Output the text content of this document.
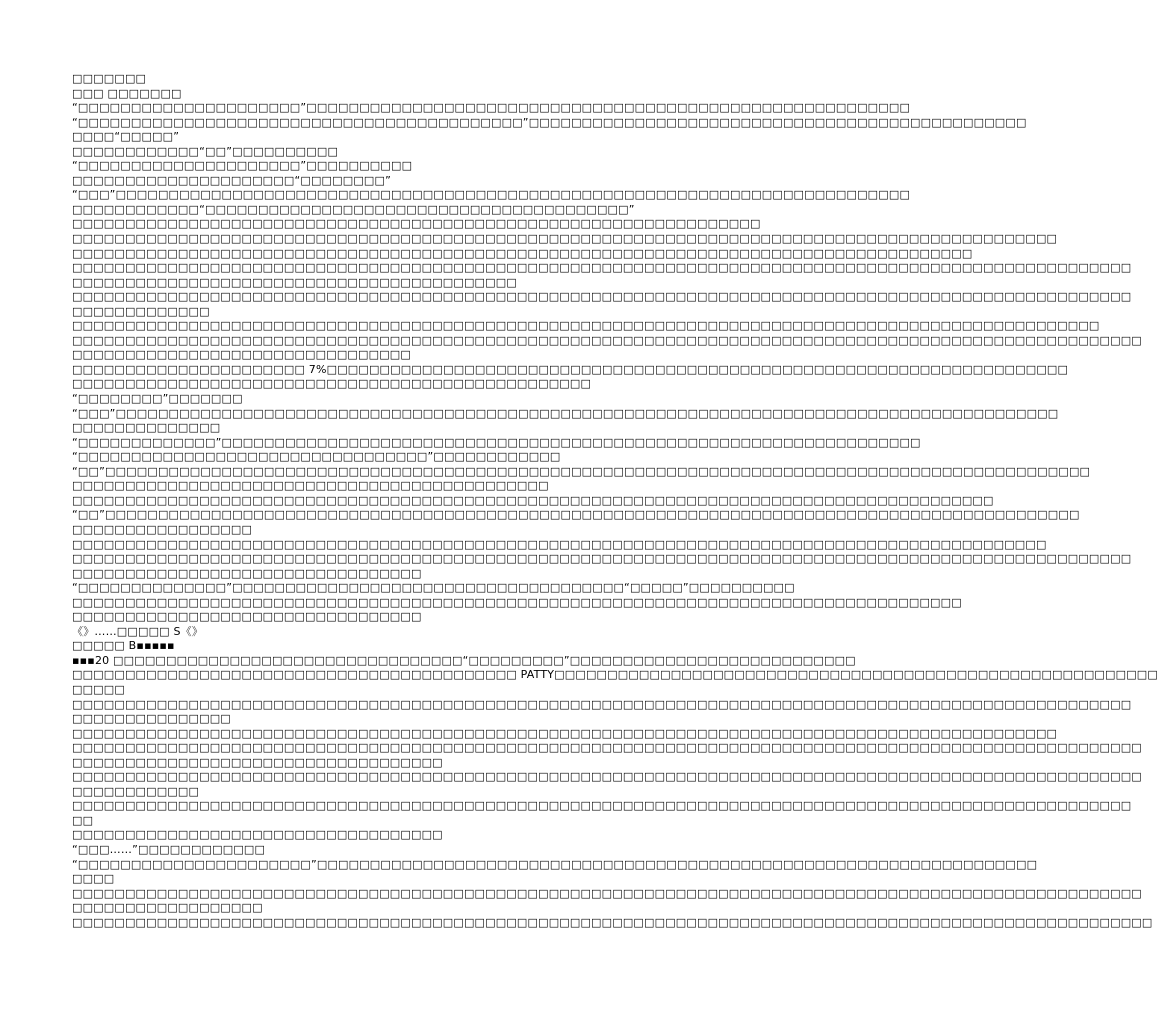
□□□□□□□
□□□ □□□□□□□
“□□□□□□□□□□□□□□□□□□□□□”□□□□□□□□□□□□□□□□□□□□□□□□□□□□□□□□□□□□□□□□□□□□□□□□□□□□□□□□□
“□□□□□□□□□□□□□□□□□□□□□□□□□□□□□□□□□□□□□□□□□□”□□□□□□□□□□□□□□□□□□□□□□□□□□□□□□□□□□□□□□□□□□□□□□□
□□□□“□□□□□”
□□□□□□□□□□□□“□□”□□□□□□□□□□
“□□□□□□□□□□□□□□□□□□□□□”□□□□□□□□□□
□□□□□□□□□□□□□□□□□□□□□“□□□□□□□□”
“□□□”□□□□□□□□□□□□□□□□□□□□□□□□□□□□□□□□□□□□□□□□□□□□□□□□□□□□□□□□□□□□□□□□□□□□□□□□□□□
□□□□□□□□□□□□“□□□□□□□□□□□□□□□□□□□□□□□□□□□□□□□□□□□□□□□□”
□□□□□□□□□□□□□□□□□□□□□□□□□□□□□□□□□□□□□□□□□□□□□□□□□□□□□□□□□□□□□□□□□
□□□□□□□□□□□□□□□□□□□□□□□□□□□□□□□□□□□□□□□□□□□□□□□□□□□□□□□□□□□□□□□□□□□□□□□□□□□□□□□□□□□□□□□□□□□□□
□□□□□□□□□□□□□□□□□□□□□□□□□□□□□□□□□□□□□□□□□□□□□□□□□□□□□□□□□□□□□□□□□□□□□□□□□□□□□□□□□□□□□
□□□□□□□□□□□□□□□□□□□□□□□□□□□□□□□□□□□□□□□□□□□□□□□□□□□□□□□□□□□□□□□□□□□□□□□□□□□□□□□□□□□□□□□□□□□□□□□□□□□□
□□□□□□□□□□□□□□□□□□□□□□□□□□□□□□□□□□□□□□□□□□
□□□□□□□□□□□□□□□□□□□□□□□□□□□□□□□□□□□□□□□□□□□□□□□□□□□□□□□□□□□□□□□□□□□□□□□□□□□□□□□□□□□□□□□□□□□□□□□□□□□□
□□□□□□□□□□□□□
□□□□□□□□□□□□□□□□□□□□□□□□□□□□□□□□□□□□□□□□□□□□□□□□□□□□□□□□□□□□□□□□□□□□□□□□□□□□□□□□□□□□□□□□□□□□□□□□□
□□□□□□□□□□□□□□□□□□□□□□□□□□□□□□□□□□□□□□□□□□□□□□□□□□□□□□□□□□□□□□□□□□□□□□□□□□□□□□□□□□□□□□□□□□□□□□□□□□□□□
□□□□□□□□□□□□□□□□□□□□□□□□□□□□□□□□
□□□□□□□□□□□□□□□□□□□□□□ 7%□□□□□□□□□□□□□□□□□□□□□□□□□□□□□□□□□□□□□□□□□□□□□□□□□□□□□□□□□□□□□□□□□□□□□□
□□□□□□□□□□□□□□□□□□□□□□□□□□□□□□□□□□□□□□□□□□□□□□□□□
“□□□□□□□□”□□□□□□□
“□□□”□□□□□□□□□□□□□□□□□□□□□□□□□□□□□□□□□□□□□□□□□□□□□□□□□□□□□□□□□□□□□□□□□□□□□□□□□□□□□□□□□□□□□□□□□
□□□□□□□□□□□□□□
“□□□□□□□□□□□□□”□□□□□□□□□□□□□□□□□□□□□□□□□□□□□□□□□□□□□□□□□□□□□□□□□□□□□□□□□□□□□□□□□□
“□□□□□□□□□□□□□□□□□□□□□□□□□□□□□□□□□”□□□□□□□□□□□□
“□□”□□□□□□□□□□□□□□□□□□□□□□□□□□□□□□□□□□□□□□□□□□□□□□□□□□□□□□□□□□□□□□□□□□□□□□□□□□□□□□□□□□□□□□□□□□□□□
□□□□□□□□□□□□□□□□□□□□□□□□□□□□□□□□□□□□□□□□□□□□□
□□□□□□□□□□□□□□□□□□□□□□□□□□□□□□□□□□□□□□□□□□□□□□□□□□□□□□□□□□□□□□□□□□□□□□□□□□□□□□□□□□□□□□□
“□□”□□□□□□□□□□□□□□□□□□□□□□□□□□□□□□□□□□□□□□□□□□□□□□□□□□□□□□□□□□□□□□□□□□□□□□□□□□□□□□□□□□□□□□□□□□□□
□□□□□□□□□□□□□□□□□
□□□□□□□□□□□□□□□□□□□□□□□□□□□□□□□□□□□□□□□□□□□□□□□□□□□□□□□□□□□□□□□□□□□□□□□□□□□□□□□□□□□□□□□□□□□□
□□□□□□□□□□□□□□□□□□□□□□□□□□□□□□□□□□□□□□□□□□□□□□□□□□□□□□□□□□□□□□□□□□□□□□□□□□□□□□□□□□□□□□□□□□□□□□□□□□□□
□□□□□□□□□□□□□□□□□□□□□□□□□□□□□□□□□
“□□□□□□□□□□□□□□”□□□□□□□□□□□□□□□□□□□□□□□□□□□□□□□□□□□□□“□□□□□”□□□□□□□□□□
□□□□□□□□□□□□□□□□□□□□□□□□□□□□□□□□□□□□□□□□□□□□□□□□□□□□□□□□□□□□□□□□□□□□□□□□□□□□□□□□□□□□
□□□□□□□□□□□□□□□□□□□□□□□□□□□□□□□□□
《》……□□□□□ S《》
□□□□□ B▪▪▪▪▪
▪▪▪20 □□□□□□□□□□□□□□□□□□□□□□□□□□□□□□□□□“□□□□□□□□□”□□□□□□□□□□□□□□□□□□□□□□□□□□□
□□□□□□□□□□□□□□□□□□□□□□□□□□□□□□□□□□□□□□□□□□ PATTY□□□□□□□□□□□□□□□□□□□□□□□□□□□□□□□□□□□□□□□□□□□□□□□□□□□□□□□□□
□□□□□
□□□□□□□□□□□□□□□□□□□□□□□□□□□□□□□□□□□□□□□□□□□□□□□□□□□□□□□□□□□□□□□□□□□□□□□□□□□□□□□□□□□□□□□□□□□□□□□□□□□□
□□□□□□□□□□□□□□□
□□□□□□□□□□□□□□□□□□□□□□□□□□□□□□□□□□□□□□□□□□□□□□□□□□□□□□□□□□□□□□□□□□□□□□□□□□□□□□□□□□□□□□□□□□□□□
□□□□□□□□□□□□□□□□□□□□□□□□□□□□□□□□□□□□□□□□□□□□□□□□□□□□□□□□□□□□□□□□□□□□□□□□□□□□□□□□□□□□□□□□□□□□□□□□□□□□□
□□□□□□□□□□□□□□□□□□□□□□□□□□□□□□□□□□□
□□□□□□□□□□□□□□□□□□□□□□□□□□□□□□□□□□□□□□□□□□□□□□□□□□□□□□□□□□□□□□□□□□□□□□□□□□□□□□□□□□□□□□□□□□□□□□□□□□□□□
□□□□□□□□□□□□
□□□□□□□□□□□□□□□□□□□□□□□□□□□□□□□□□□□□□□□□□□□□□□□□□□□□□□□□□□□□□□□□□□□□□□□□□□□□□□□□□□□□□□□□□□□□□□□□□□□□
□□
□□□□□□□□□□□□□□□□□□□□□□□□□□□□□□□□□□□
“□□□……”□□□□□□□□□□□□
“□□□□□□□□□□□□□□□□□□□□□□”□□□□□□□□□□□□□□□□□□□□□□□□□□□□□□□□□□□□□□□□□□□□□□□□□□□□□□□□□□□□□□□□□□□□
□□□□
□□□□□□□□□□□□□□□□□□□□□□□□□□□□□□□□□□□□□□□□□□□□□□□□□□□□□□□□□□□□□□□□□□□□□□□□□□□□□□□□□□□□□□□□□□□□□□□□□□□□□
□□□□□□□□□□□□□□□□□□
□□□□□□□□□□□□□□□□□□□□□□□□□□□□□□□□□□□□□□□□□□□□□□□□□□□□□□□□□□□□□□□□□□□□□□□□□□□□□□□□□□□□□□□□□□□□□□□□□□□□□□
